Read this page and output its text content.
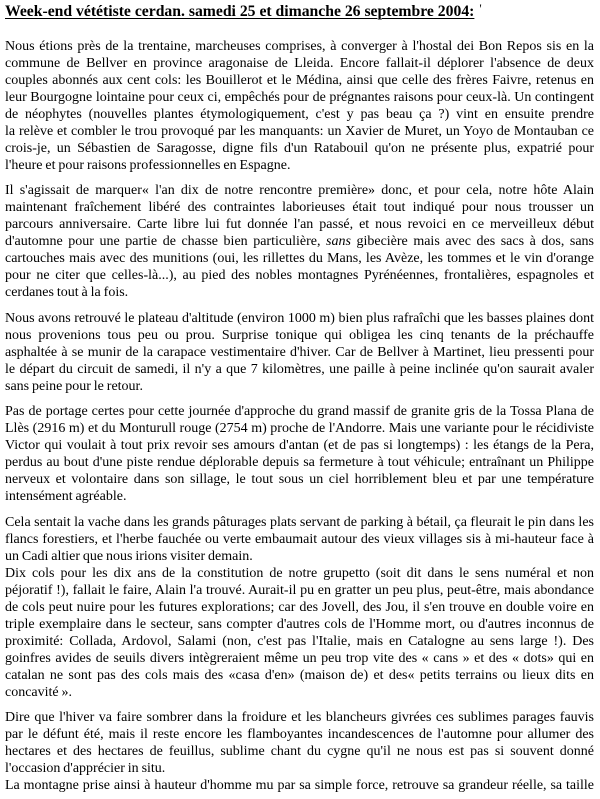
Week-end vététiste cerdan. samedi 25 et dimanche 26 septembre 2004: '
Nous étions près de la trentaine, marcheuses comprises, à converger à l'hostal dei Bon Repos sis en la
commune de Bellver en province aragonaise de Lleida. Encore fallait-il déplorer l'absence de deux
couples abonnés aux cent cols: les Bouillerot et le Médina, ainsi que celle des frères Faivre, retenus en
leur Bourgogne lointaine pour ceux ci, empêchés pour de prégnantes raisons pour ceux-là. Un contingent
de néophytes (nouvelles plantes étymologiquement, c'est y pas beau ça ?) vint en ensuite prendre
la relève et combler le trou provoqué par les manquants: un Xavier de Muret, un Yoyo de Montauban ce
crois-je, un Sébastien de Saragosse, digne fils d'un Ratabouil qu'on ne présente plus, expatrié pour
l'heure et pour raisons professionnelles en Espagne.
Il s'agissait de marquer« l'an dix de notre rencontre première» donc, et pour cela, notre hôte Alain
maintenant fraîchement libéré des contraintes laborieuses était tout indiqué pour nous trousser un
parcours anniversaire. Carte libre lui fut donnée l'an passé, et nous revoici en ce merveilleux début
d'automne pour une partie de chasse bien particulière, sans gibecière mais avec des sacs à dos, sans
cartouches mais avec des munitions (oui, les rillettes du Mans, les Avèze, les tommes et le vin d'orange
pour ne citer que celles-là...), au pied des nobles montagnes Pyrénéennes, frontalières, espagnoles et
cerdanes tout à la fois.
Nous avons retrouvé le plateau d'altitude (environ 1000 m) bien plus rafraîchi que les basses plaines dont
nous provenions tous peu ou prou. Surprise tonique qui obligea les cinq tenants de la préchauffe
asphaltée à se munir de la carapace vestimentaire d'hiver. Car de Bellver à Martinet, lieu pressenti pour
le départ du circuit de samedi, il n'y a que 7 kilomètres, une paille à peine inclinée qu'on saurait avaler
sans peine pour le retour.
Pas de portage certes pour cette journée d'approche du grand massif de granite gris de la Tossa Plana de
Llès (2916 m) et du Monturull rouge (2754 m) proche de l'Andorre. Mais une variante pour le récidiviste
Victor qui voulait à tout prix revoir ses amours d'antan (et de pas si longtemps) : les étangs de la Pera,
perdus au bout d'une piste rendue déplorable depuis sa fermeture à tout véhicule; entraînant un Philippe
nerveux et volontaire dans son sillage, le tout sous un ciel horriblement bleu et par une température
intensément agréable.
Cela sentait la vache dans les grands pâturages plats servant de parking à bétail, ça fleurait le pin dans les
flancs forestiers, et l'herbe fauchée ou verte embaumait autour des vieux villages sis à mi-hauteur face à
un Cadi altier que nous irions visiter demain.
Dix cols pour les dix ans de la constitution de notre grupetto (soit dit dans le sens numéral et non
péjoratif !), fallait le faire, Alain l'a trouvé. Aurait-il pu en gratter un peu plus, peut-être, mais abondance
de cols peut nuire pour les futures explorations; car des Jovell, des Jou, il s'en trouve en double voire en
triple exemplaire dans le secteur, sans compter d'autres cols de l'Homme mort, ou d'autres inconnus de
proximité: Collada, Ardovol, Salami (non, c'est pas l'Italie, mais en Catalogne au sens large !). Des
goinfres avides de seuils divers intègreraient même un peu trop vite des « cans » et des « dots» qui en
catalan ne sont pas des cols mais des «casa d'en» (maison de) et des« petits terrains ou lieux dits en
concavité ».
Dire que l'hiver va faire sombrer dans la froidure et les blancheurs givrées ces sublimes parages fauvis
par le défunt été, mais il reste encore les flamboyantes incandescences de l'automne pour allumer des
hectares et des hectares de feuillus, sublime chant du cygne qu'il ne nous est pas si souvent donné
l'occasion d'apprécier in situ.
La montagne prise ainsi à hauteur d'homme mu par sa simple force, retrouve sa grandeur réelle, sa taille
